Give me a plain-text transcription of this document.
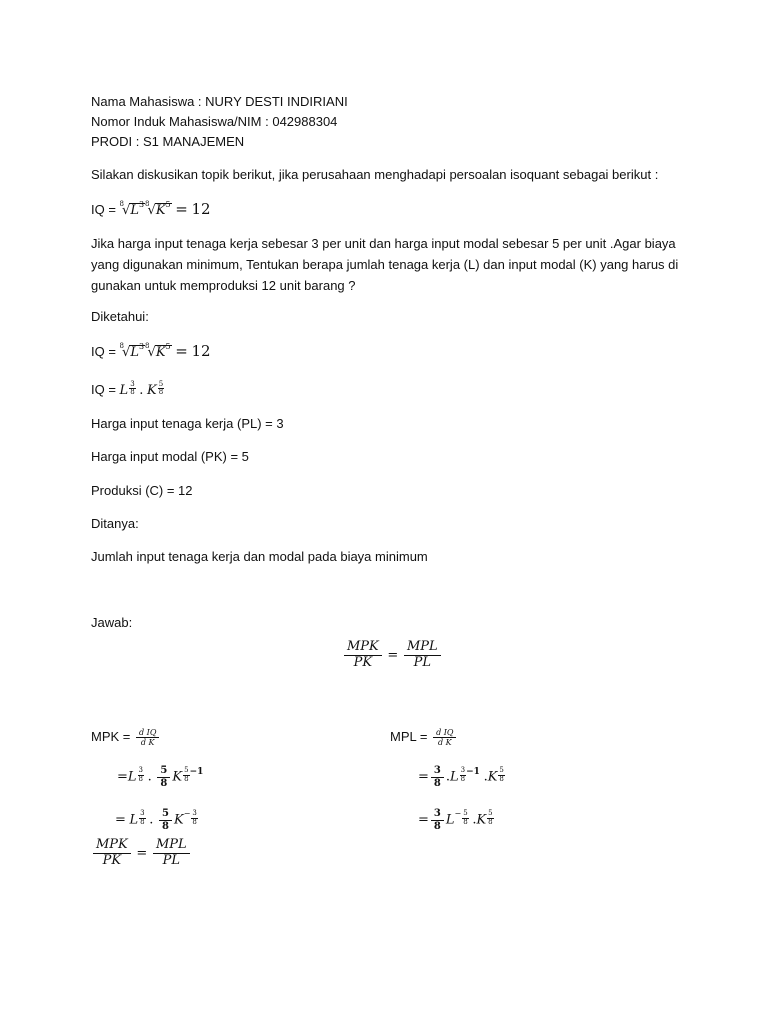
Nama Mahasiswa : NURY DESTI INDIRIANI
Nomor Induk Mahasiswa/NIM : 042988304
PRODI : S1 MANAJEMEN
Silakan diskusikan topik berikut, jika perusahaan menghadapi persoalan isoquant sebagai berikut :
IQ = $^8√L^{38}√K^5 = 12$
Jika harga input tenaga kerja sebesar 3 per unit dan harga input modal sebesar 5 per unit .Agar biaya yang digunakan minimum, Tentukan berapa jumlah tenaga kerja (L) dan input modal (K) yang harus di gunakan untuk memproduksi 12 unit barang ?
Diketahui:
IQ = $^8√L^{38}√K^5 = 12$
IQ = L $\frac{3}{8}$ . K $\frac{5}{8}$
Harga input tenaga kerja (PL) = 3
Harga input modal (PK) = 5
Produksi (C) = 12
Ditanya:
Jumlah input tenaga kerja dan modal pada biaya minimum
Jawab:
$\frac{\text{MPK}}{PK} = \frac{\text{MPL}}{PL}$
MPK = $\frac{\text{d IQ}}{\text{d K}}$
$=L \frac{3}{8}$ . $\frac{5}{8}$ K $\frac{5}{8} ^{-1}$
= L $\frac{3}{8}$ . $\frac{5}{8} K^- \frac{3}{8}$
MPL = $\frac{\text{d IQ}}{\text{d K}}$
= $\frac{3}{8} .L \frac{3}{8} ^{-1}$ $.K \frac{5}{8}$
= $\frac{3}{8} L^- \frac{5}{8} .K \frac{5}{8}$
$\frac{\text{MPK}}{PK} = \frac{\text{MPL}}{PL}$
